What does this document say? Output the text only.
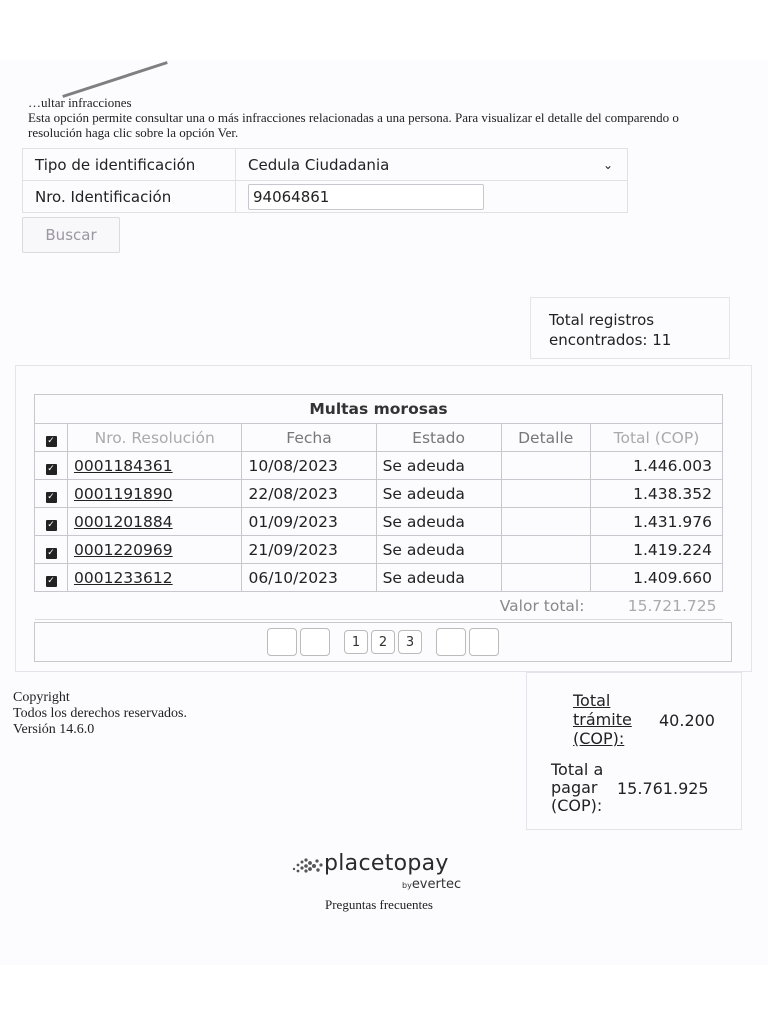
…ultar infracciones
Esta opción permite consultar una o más infracciones relacionadas a una persona. Para visualizar el detalle del comparendo o resolución haga clic sobre la opción Ver.
Tipo de identificación	Cedula Ciudadania ⌄

Nro. Identificación	94064861
Buscar
Total registros encontrados: 11
Multas morosas					
✓	Nro. Resolución	Fecha	Estado	Detalle	Total (COP)
✓	0001184361	10/08/2023	Se adeuda		1.446.003
✓	0001191890	22/08/2023	Se adeuda		1.438.352
✓	0001201884	01/09/2023	Se adeuda		1.431.976
✓	0001220969	21/09/2023	Se adeuda		1.419.224
✓	0001233612	06/10/2023	Se adeuda		1.409.660
Valor total:					15.721.725
1	2	3
Copyright
Todos los derechos reservados.
Versión 14.6.0
Total trámite (COP):
40.200
Total a pagar (COP):
15.761.925
placetopay
byevertec
Preguntas frecuentes
